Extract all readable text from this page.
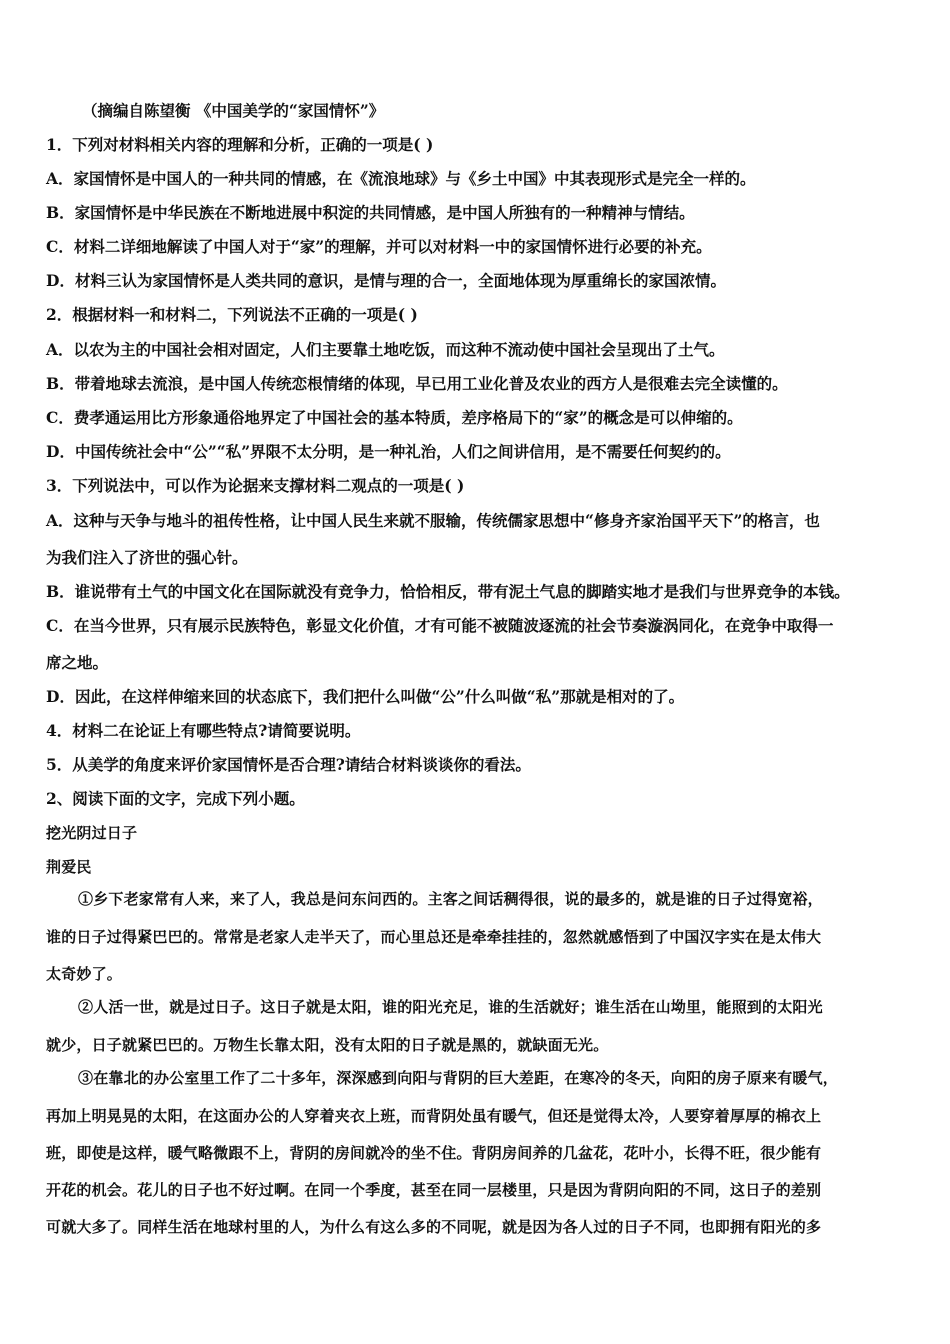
（摘编自陈望衡 《中国美学的“家国情怀”》
1．下列对材料相关内容的理解和分析，正确的一项是( )
A．家国情怀是中国人的一种共同的情感，在《流浪地球》与《乡土中国》中其表现形式是完全一样的。
B．家国情怀是中华民族在不断地进展中积淀的共同情感，是中国人所独有的一种精神与情结。
C．材料二详细地解读了中国人对于“家”的理解，并可以对材料一中的家国情怀进行必要的补充。
D．材料三认为家国情怀是人类共同的意识，是情与理的合一，全面地体现为厚重绵长的家国浓情。
2．根据材料一和材料二，下列说法不正确的一项是( )
A．以农为主的中国社会相对固定，人们主要靠土地吃饭，而这种不流动使中国社会呈现出了土气。
B．带着地球去流浪，是中国人传统恋根情绪的体现，早已用工业化普及农业的西方人是很难去完全读懂的。
C．费孝通运用比方形象通俗地界定了中国社会的基本特质，差序格局下的“家”的概念是可以伸缩的。
D．中国传统社会中“公”“私”界限不太分明，是一种礼治，人们之间讲信用，是不需要任何契约的。
3．下列说法中，可以作为论据来支撑材料二观点的一项是( )
A．这种与天争与地斗的祖传性格，让中国人民生来就不服输，传统儒家思想中“修身齐家治国平天下”的格言，也
为我们注入了济世的强心针。
B．谁说带有土气的中国文化在国际就没有竞争力，恰恰相反，带有泥土气息的脚踏实地才是我们与世界竞争的本钱。
C．在当今世界，只有展示民族特色，彰显文化价值，才有可能不被随波逐流的社会节奏漩涡同化，在竞争中取得一
席之地。
D．因此，在这样伸缩来回的状态底下，我们把什么叫做“公”什么叫做“私”那就是相对的了。
4．材料二在论证上有哪些特点?请简要说明。
5．从美学的角度来评价家国情怀是否合理?请结合材料谈谈你的看法。
2、阅读下面的文字，完成下列小题。
挖光阴过日子
荆爱民
①乡下老家常有人来，来了人，我总是问东问西的。主客之间话稠得很，说的最多的，就是谁的日子过得宽裕，
谁的日子过得紧巴巴的。常常是老家人走半天了，而心里总还是牵牵挂挂的，忽然就感悟到了中国汉字实在是太伟大
太奇妙了。
②人活一世，就是过日子。这日子就是太阳，谁的阳光充足，谁的生活就好；谁生活在山坳里，能照到的太阳光
就少，日子就紧巴巴的。万物生长靠太阳，没有太阳的日子就是黑的，就缺面无光。
③在靠北的办公室里工作了二十多年，深深感到向阳与背阴的巨大差距，在寒冷的冬天，向阳的房子原来有暖气，
再加上明晃晃的太阳，在这面办公的人穿着夹衣上班，而背阴处虽有暖气，但还是觉得太冷，人要穿着厚厚的棉衣上
班，即使是这样，暖气略微跟不上，背阴的房间就冷的坐不住。背阴房间养的几盆花，花叶小，长得不旺，很少能有
开花的机会。花儿的日子也不好过啊。在同一个季度，甚至在同一层楼里，只是因为背阴向阳的不同，这日子的差别
可就大多了。同样生活在地球村里的人，为什么有这么多的不同呢，就是因为各人过的日子不同，也即拥有阳光的多
